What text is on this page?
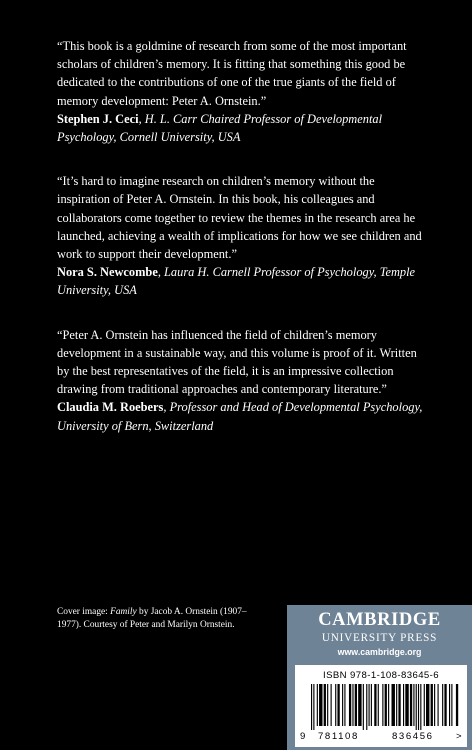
“This book is a goldmine of research from some of the most important scholars of children’s memory. It is fitting that something this good be dedicated to the contributions of one of the true giants of the field of memory development: Peter A. Ornstein.”

Stephen J. Ceci, H. L. Carr Chaired Professor of Developmental Psychology, Cornell University, USA

“It’s hard to imagine research on children’s memory without the inspiration of Peter A. Ornstein. In this book, his colleagues and collaborators come together to review the themes in the research area he launched, achieving a wealth of implications for how we see children and work to support their development.”

Nora S. Newcombe, Laura H. Carnell Professor of Psychology, Temple University, USA

“Peter A. Ornstein has influenced the field of children’s memory development in a sustainable way, and this volume is proof of it. Written by the best representatives of the field, it is an impressive collection drawing from traditional approaches and contemporary literature.”

Claudia M. Roebers, Professor and Head of Developmental Psychology, University of Bern, Switzerland
Cover image: Family by Jacob A. Ornstein (1907–1977). Courtesy of Peter and Marilyn Ornstein.	CAMBRIDGE
UNIVERSITY PRESS
www.cambridge.org
ISBN 978-1-108-83645-6
9 781108	836456 >
